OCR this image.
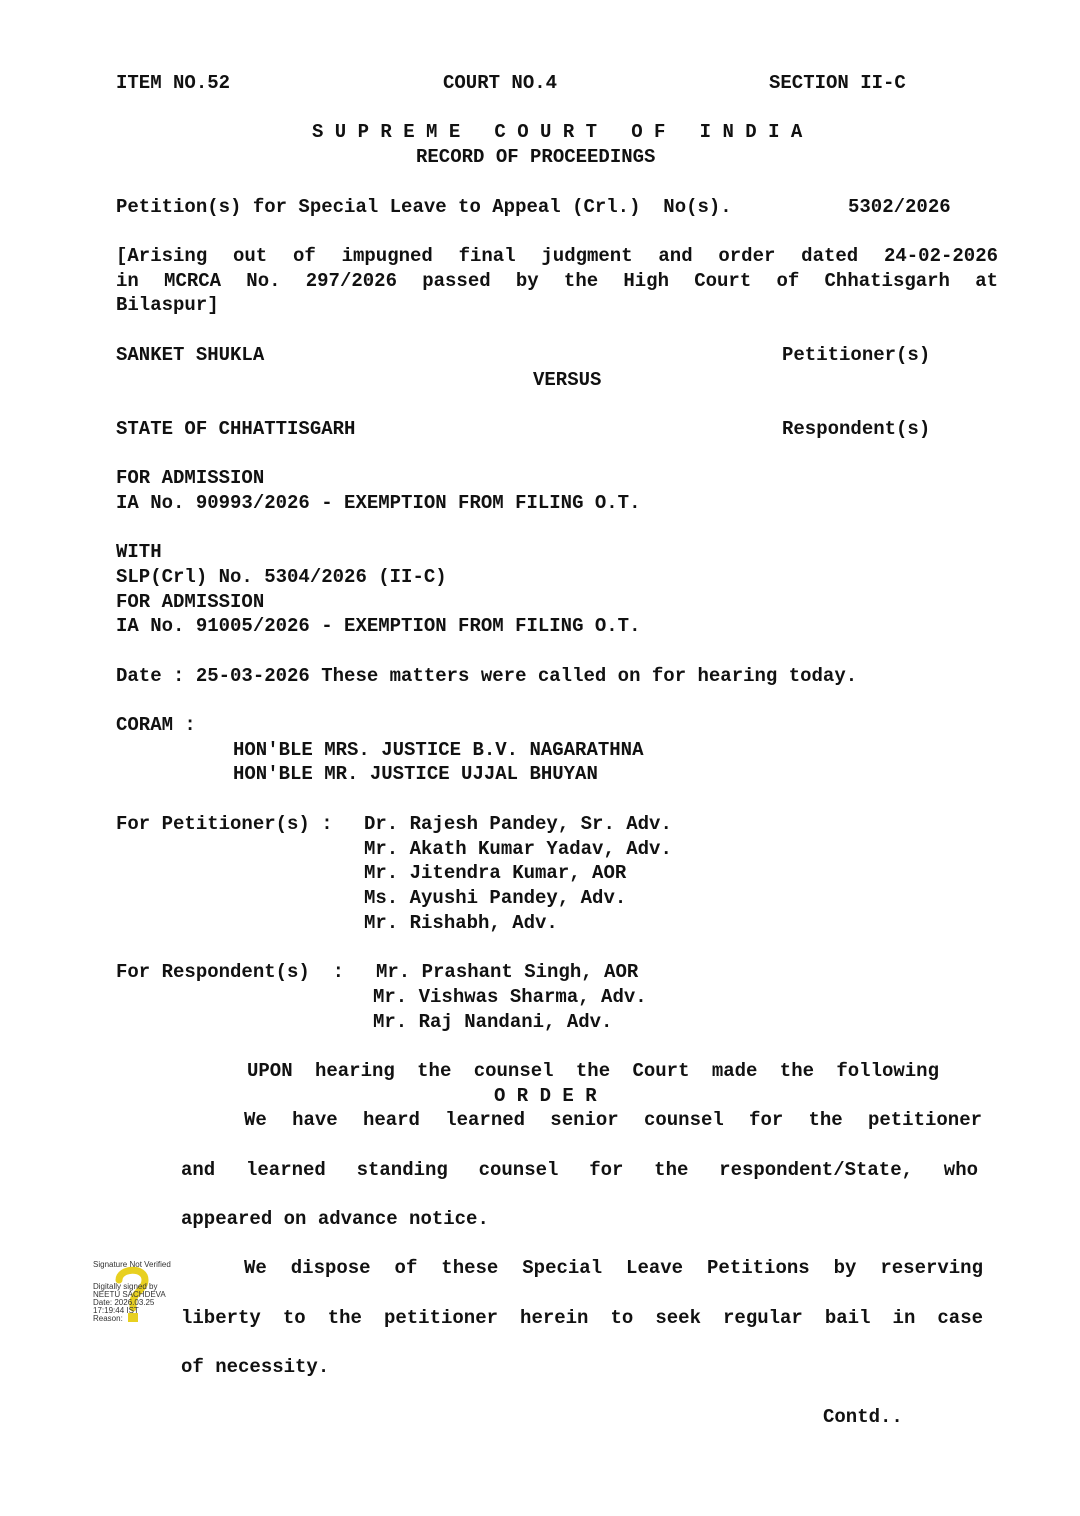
ITEM NO.52	COURT NO.4	SECTION II-C
S U P R E M E   C O U R T   O F   I N D I A
RECORD OF PROCEEDINGS
Petition(s) for Special Leave to Appeal (Crl.)  No(s).	5302/2026
[Arising out of impugned final judgment and order dated 24-02-2026
in MCRCA No. 297/2026 passed by the High Court of Chhatisgarh at
Bilaspur]
SANKET SHUKLA	Petitioner(s)
VERSUS
STATE OF CHHATTISGARH	Respondent(s)
FOR ADMISSION
IA No. 90993/2026 - EXEMPTION FROM FILING O.T.
WITH
SLP(Crl) No. 5304/2026 (II-C)
FOR ADMISSION
IA No. 91005/2026 - EXEMPTION FROM FILING O.T.
Date : 25-03-2026 These matters were called on for hearing today.
CORAM :
HON'BLE MRS. JUSTICE B.V. NAGARATHNA
HON'BLE MR. JUSTICE UJJAL BHUYAN
For Petitioner(s) : Dr. Rajesh Pandey, Sr. Adv.
Mr. Akath Kumar Yadav, Adv.
Mr. Jitendra Kumar, AOR
Ms. Ayushi Pandey, Adv.
Mr. Rishabh, Adv.
For Respondent(s)  : Mr. Prashant Singh, AOR
Mr. Vishwas Sharma, Adv.
Mr. Raj Nandani, Adv.
UPON hearing the counsel the Court made the following
O R D E R
We have heard learned senior counsel for the petitioner
and learned standing counsel for the respondent/State, who
appeared on advance notice.
We dispose of these Special Leave Petitions by reserving
liberty to the petitioner herein to seek regular bail in case
of necessity.
Signature Not Verified
Digitally signed by
NEETU SACHDEVA
Date: 2026.03.25
17:19:44 IST
Reason:
Contd..
